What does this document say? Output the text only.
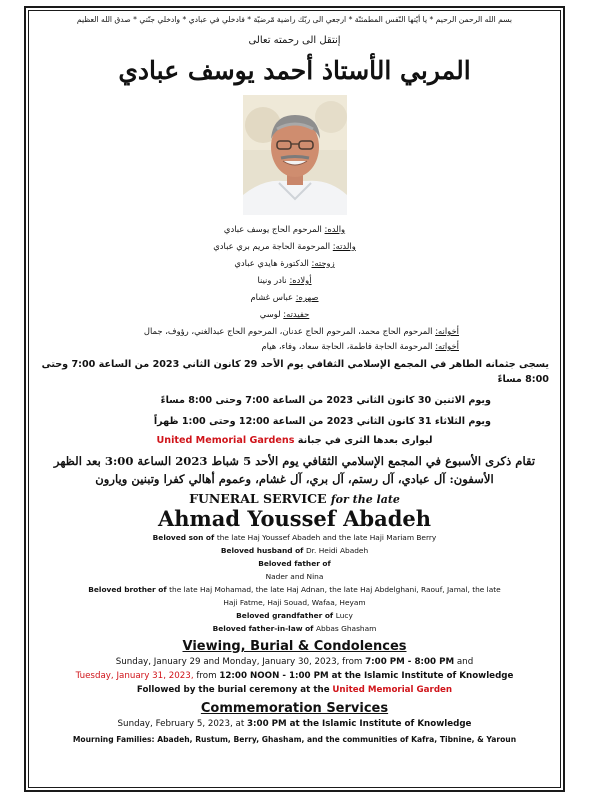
بسم الله الرحمن الرحيم * يا أيّتها النّفس المطمئنّة * ارجعي الى ربّك راضية مّرضيّة * فادخلي في عبادي * وادخلي جنّتي * صدق الله العظيم
إنتقل الى رحمته تعالى
المربي الأستاذ أحمد يوسف عبادي
والده: المرحوم الحاج يوسف عبادي
والدته: المرحومة الحاجة مريم بري عبادي
زوجته: الدكتورة هايدي عبادي
أولاده: نادر ونينا
صهره: عباس غشام
حفيدته: لوسي
أخوانه: المرحوم الحاج محمد، المرحوم الحاج عدنان، المرحوم الحاج عبدالغني، رؤوف، جمال
أخواته: المرحومة الحاجة فاطمة، الحاجة سعاد، وفاء، هيام
يسجى جثمانه الطاهر في المجمع الإسلامي الثقافي يوم الأحد 29 كانون الثاني 2023 من الساعة 7:00 وحتى 8:00 مساءً
ويوم الاثنين 30 كانون الثاني 2023 من الساعة 7:00 وحتى 8:00 مساءً
ويوم الثلاثاء 31 كانون الثاني 2023 من الساعة 12:00 وحتى 1:00 ظهراً
ليوارى بعدها الثرى في جبانة United Memorial Gardens
تقام ذكرى الأسبوع في المجمع الإسلامي الثقافي يوم الأحد 5 شباط 2023 الساعة 3:00 بعد الظهر
الأسفون: آل عبادي، آل رستم، آل بري، آل غشام، وعموم أهالي كفرا وتبنين ويارون
FUNERAL SERVICE for the late
Ahmad Youssef Abadeh
Beloved son of the late Haj Youssef Abadeh and the late Haji Mariam Berry
Beloved husband of Dr. Heidi Abadeh
Beloved father of
Nader and Nina
Beloved brother of the late Haj Mohamad, the late Haj Adnan, the late Haj Abdelghani, Raouf, Jamal, the late
Haji Fatme, Haji Souad, Wafaa, Heyam
Beloved grandfather of Lucy
Beloved father-in-law of Abbas Ghasham
Viewing, Burial & Condolences
Sunday, January 29 and Monday, January 30, 2023, from 7:00 PM - 8:00 PM and
Tuesday, January 31, 2023, from 12:00 NOON - 1:00 PM at the Islamic Institute of Knowledge
Followed by the burial ceremony at the United Memorial Garden
Commemoration Services
Sunday, February 5, 2023, at 3:00 PM at the Islamic Institute of Knowledge
Mourning Families: Abadeh, Rustum, Berry, Ghasham, and the communities of Kafra, Tibnine, & Yaroun
